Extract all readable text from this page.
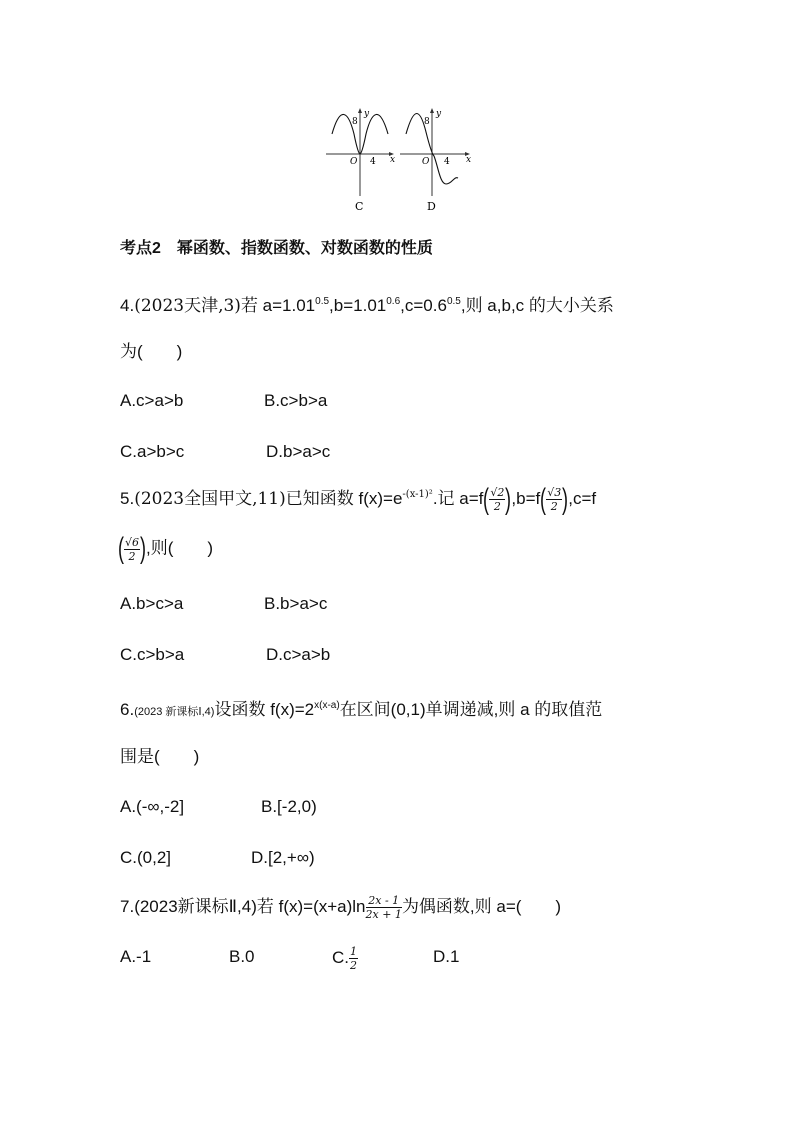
y
x
8
4
O
C
y
x
8
4
O
D
考点2　幂函数、指数函数、对数函数的性质
4.(2023天津,3)若 $a=1.01^{0.5},b=1.01^{0.6},c=0.6^{0.5}$,则 a,b,c 的大小关系
为(　　)
A.c>a>b	B.c>b>a
C.a>b>c	D.b>a>c
5.(2023全国甲文,11)已知函数 $f(x)=e^{-(x-1)^2}$.记 $a=f( \frac{√2}{2} ),b=f( \frac{√3}{2} ),c=f$
( $\frac{√6}{2}$ ),则(　　)
A.b>c>a	B.b>a>c
C.c>b>a	D.c>a>b
6.(2023 新课标Ⅰ,4)设函数 $f(x)=2^{x(x-a)}$在区间(0,1)单调递减,则 a 的取值范
围是(　　)
A.(-∞,-2]	B.[-2,0)
C.(0,2]	D.[2,+∞)
7.(2023新课标Ⅱ,4)若 $f(x)=(x+a)\ln \frac{2x - 1}{2x + 1}$ 为偶函数,则 a=(　　)
A.-1	B.0	C. $\frac{1}{2}$	D.1
